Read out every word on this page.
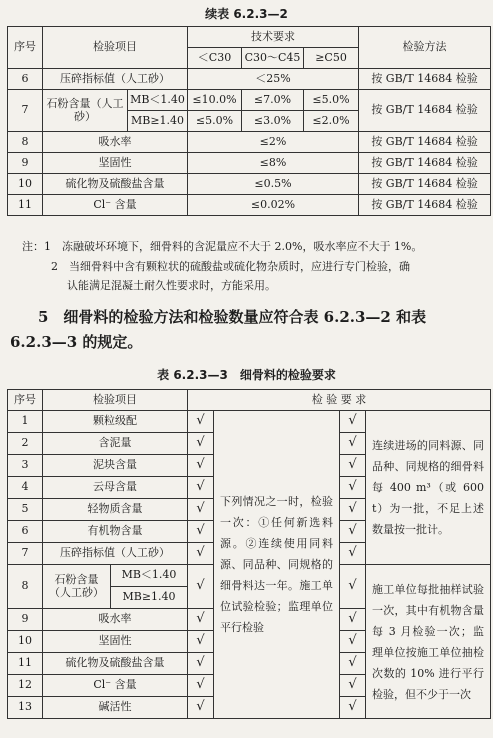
续表 6.2.3—2
序号	检验项目		技术要求			检验方法
			＜C30	C30～C45	≥C50	
6	压碎指标值（人工砂）		＜25%			按 GB/T 14684 检验
7	石粉含量（人工砂）	MB＜1.40	≤10.0%	≤7.0%	≤5.0%	按 GB/T 14684 检验
		MB≥1.40	≤5.0%	≤3.0%	≤2.0%	
8	吸水率		≤2%			按 GB/T 14684 检验
9	坚固性		≤8%			按 GB/T 14684 检验
10	硫化物及硫酸盐含量		≤0.5%			按 GB/T 14684 检验
11	Cl⁻ 含量		≤0.02%			按 GB/T 14684 检验
注：1　冻融破坏环境下，细骨料的含泥量应不大于 2.0%，吸水率应不大于 1%。
2　当细骨料中含有颗粒状的硫酸盐或硫化物杂质时，应进行专门检验，确
认能满足混凝土耐久性要求时，方能采用。
5　细骨料的检验方法和检验数量应符合表 6.2.3—2 和表
6.2.3—3 的规定。
表 6.2.3—3　细骨料的检验要求
序号	检验项目		检 验 要 求			
1	颗粒级配		√	下列情况之一时，检验一次：①任何新选料源。②连续使用同料源、同品种、同规格的细骨料达一年。施工单位试验检验；监理单位平行检验	√	连续进场的同料源、同品种、同规格的细骨料每 400 m³（或 600 t）为一批，不足上述数量按一批计。
2	含泥量		√		√	
3	泥块含量		√		√	
4	云母含量		√		√	
5	轻物质含量		√		√	
6	有机物含量		√		√	
7	压碎指标值（人工砂）		√		√	
8	石粉含量（人工砂）	MB＜1.40	√		√	施工单位每批抽样试验一次，其中有机物含量每 3 月检验一次；监理单位按施工单位抽检次数的 10% 进行平行检验，但不少于一次
		MB≥1.40				
9	吸水率		√		√	
10	坚固性		√		√	
11	硫化物及硫酸盐含量		√		√	
12	Cl⁻ 含量		√		√	
13	碱活性		√		√	
